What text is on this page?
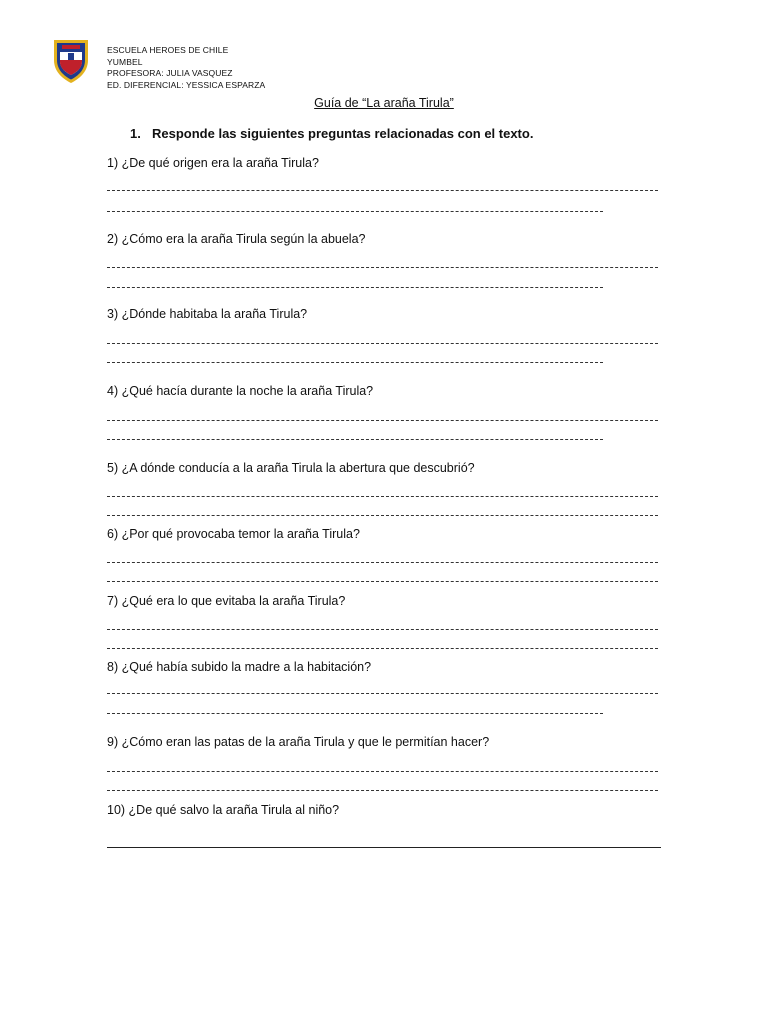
ESCUELA HEROES DE CHILE
YUMBEL
PROFESORA: JULIA VASQUEZ
ED. DIFERENCIAL: YESSICA ESPARZA
Guía de “La araña Tirula”
1. Responde las siguientes preguntas relacionadas con el texto.
1) ¿De qué origen era la araña Tirula?
2) ¿Cómo era la araña Tirula según la abuela?
3) ¿Dónde habitaba la araña Tirula?
4) ¿Qué hacía durante la noche la araña Tirula?
5) ¿A dónde conducía a la araña Tirula la abertura que descubrió?
6) ¿Por qué provocaba temor la araña Tirula?
7) ¿Qué era lo que evitaba la araña Tirula?
8) ¿Qué había subido la madre a la habitación?
9) ¿Cómo eran las patas de la araña Tirula y que le permitían hacer?
10) ¿De qué salvo la araña Tirula al niño?
